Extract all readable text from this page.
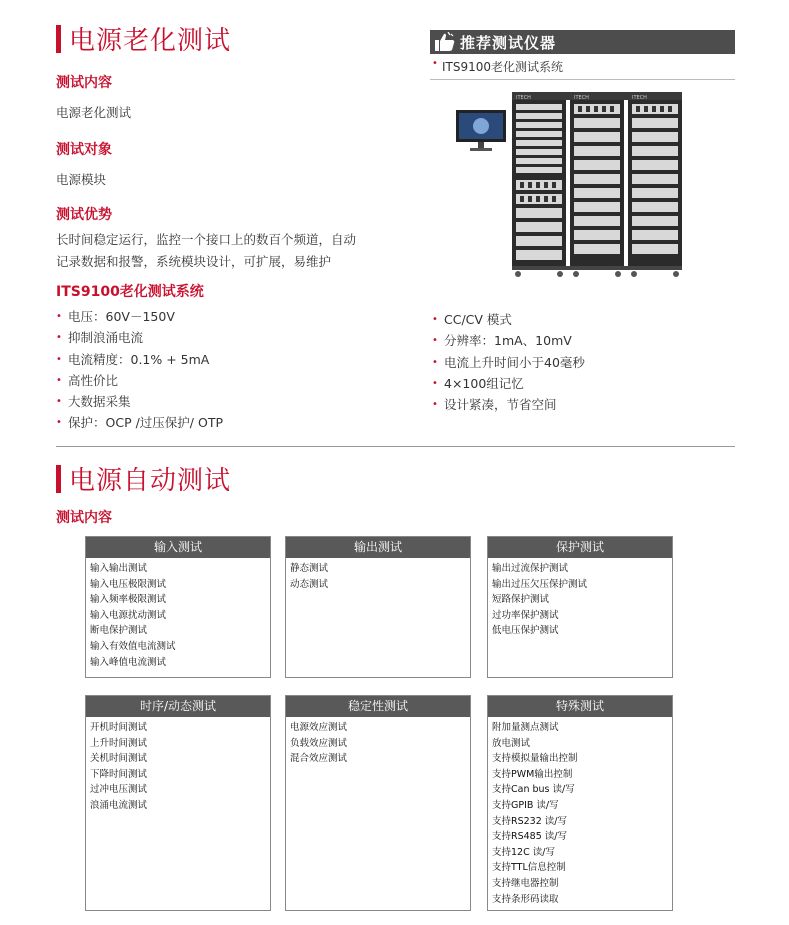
电源老化测试
测试内容
电源老化测试
测试对象
电源模块
测试优势
长时间稳定运行，监控一个接口上的数百个频道，自动
记录数据和报警，系统模块设计，可扩展，易维护
ITS9100老化测试系统
• 电压：60V－150V
• 抑制浪涌电流
• 电流精度：0.1% + 5mA
• 高性价比
• 大数据采集
• 保护：OCP /过压保护/ OTP
• CC/CV 模式
• 分辨率：1mA、10mV
• 电流上升时间小于40毫秒
• 4×100组记忆
• 设计紧凑，节省空间
推荐测试仪器
• ITS9100老化测试系统
ITECH	ITECH	ITECH
电源自动测试
测试内容
输入测试
输入输出测试
输入电压极限测试
输入频率极限测试
输入电源扰动测试
断电保护测试
输入有效值电流测试
输入峰值电流测试
输出测试
静态测试
动态测试
保护测试
输出过流保护测试
输出过压欠压保护测试
短路保护测试
过功率保护测试
低电压保护测试
时序/动态测试
开机时间测试
上升时间测试
关机时间测试
下降时间测试
过冲电压测试
浪涌电流测试
稳定性测试
电源效应测试
负载效应测试
混合效应测试
特殊测试
附加量测点测试
放电测试
支持模拟量输出控制
支持PWM输出控制
支持Can bus 读/写
支持GPIB 读/写
支持RS232 读/写
支持RS485 读/写
支持12C 读/写
支持TTL信息控制
支持继电器控制
支持条形码读取
